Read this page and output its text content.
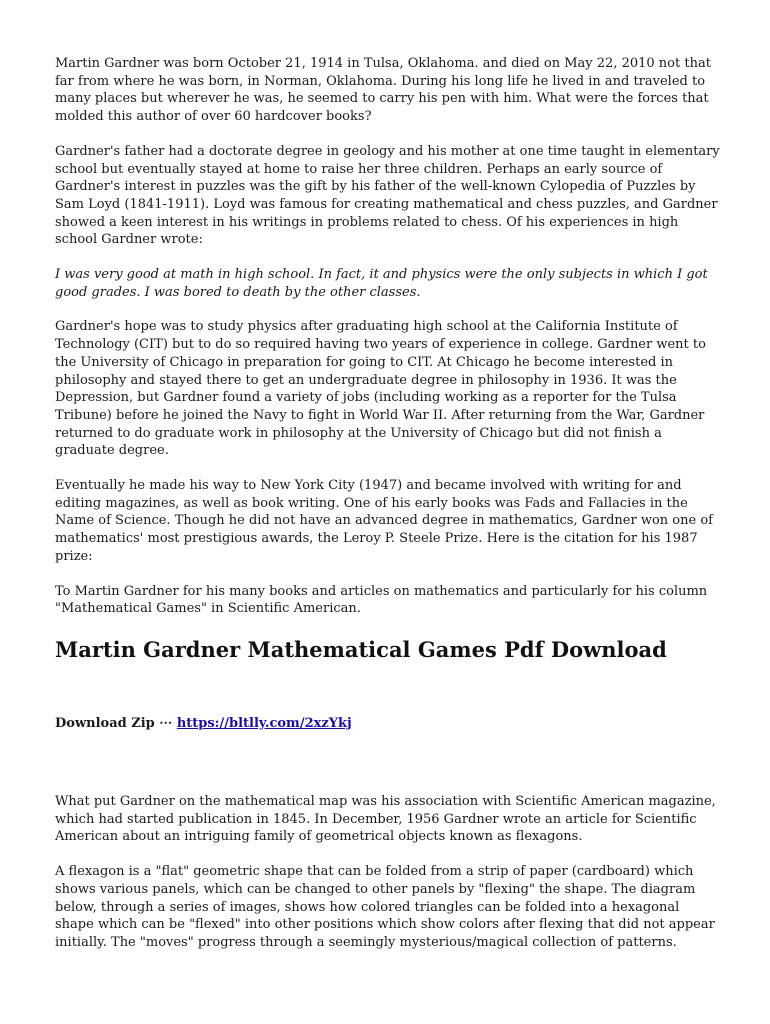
Martin Gardner was born October 21, 1914 in Tulsa, Oklahoma. and died on May 22, 2010 not that far from where he was born, in Norman, Oklahoma. During his long life he lived in and traveled to many places but wherever he was, he seemed to carry his pen with him. What were the forces that molded this author of over 60 hardcover books?

Gardner's father had a doctorate degree in geology and his mother at one time taught in elementary school but eventually stayed at home to raise her three children. Perhaps an early source of Gardner's interest in puzzles was the gift by his father of the well-known Cylopedia of Puzzles by Sam Loyd (1841-1911). Loyd was famous for creating mathematical and chess puzzles, and Gardner showed a keen interest in his writings in problems related to chess. Of his experiences in high school Gardner wrote:

I was very good at math in high school. In fact, it and physics were the only subjects in which I got good grades. I was bored to death by the other classes.

Gardner's hope was to study physics after graduating high school at the California Institute of Technology (CIT) but to do so required having two years of experience in college. Gardner went to the University of Chicago in preparation for going to CIT. At Chicago he become interested in philosophy and stayed there to get an undergraduate degree in philosophy in 1936. It was the Depression, but Gardner found a variety of jobs (including working as a reporter for the Tulsa Tribune) before he joined the Navy to fight in World War II. After returning from the War, Gardner returned to do graduate work in philosophy at the University of Chicago but did not finish a graduate degree.

Eventually he made his way to New York City (1947) and became involved with writing for and editing magazines, as well as book writing. One of his early books was Fads and Fallacies in the Name of Science. Though he did not have an advanced degree in mathematics, Gardner won one of mathematics' most prestigious awards, the Leroy P. Steele Prize. Here is the citation for his 1987 prize:

To Martin Gardner for his many books and articles on mathematics and particularly for his column "Mathematical Games" in Scientific American.

Martin Gardner Mathematical Games Pdf Download
Download Zip ⋯ https://bltlly.com/2xzYkj

What put Gardner on the mathematical map was his association with Scientific American magazine, which had started publication in 1845. In December, 1956 Gardner wrote an article for Scientific American about an intriguing family of geometrical objects known as flexagons.

A flexagon is a "flat" geometric shape that can be folded from a strip of paper (cardboard) which shows various panels, which can be changed to other panels by "flexing" the shape. The diagram below, through a series of images, shows how colored triangles can be folded into a hexagonal shape which can be "flexed" into other positions which show colors after flexing that did not appear initially. The "moves" progress through a seemingly mysterious/magical collection of patterns.
